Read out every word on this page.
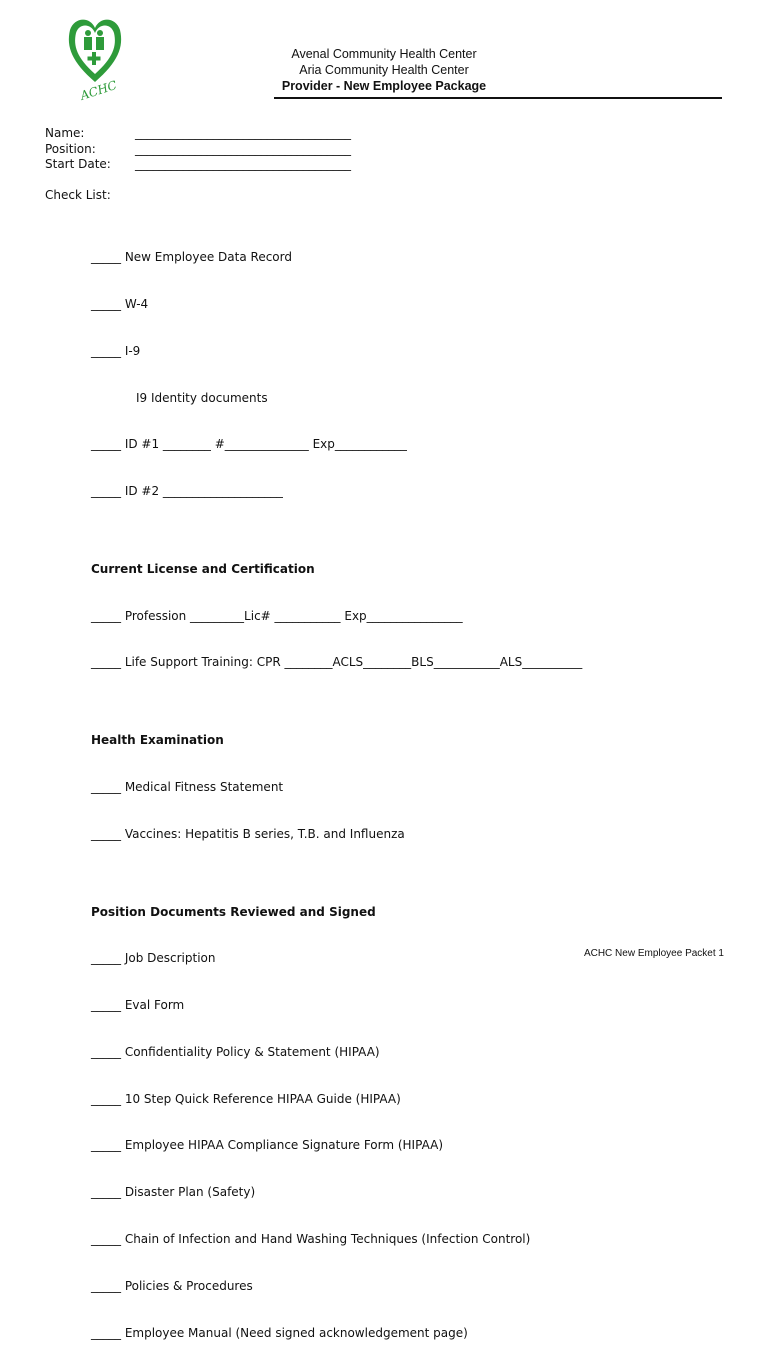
ACHC
Avenal Community Health Center
Aria Community Health Center
Provider - New Employee Package
Name:	____________________________________
Position:	____________________________________
Start Date:	____________________________________
Check List:

_____ New Employee Data Record

_____ W-4

_____ I-9

I9 Identity documents

_____ ID #1 ________ #______________ Exp____________

_____ ID #2 ____________________

Current License and Certification

_____ Profession _________Lic# ___________ Exp________________

_____ Life Support Training: CPR ________ACLS________BLS___________ALS__________

Health Examination

_____ Medical Fitness Statement

_____ Vaccines: Hepatitis B series, T.B. and Influenza

Position Documents Reviewed and Signed

_____ Job Description

_____ Eval Form

_____ Confidentiality Policy & Statement (HIPAA)

_____ 10 Step Quick Reference HIPAA Guide (HIPAA)

_____ Employee HIPAA Compliance Signature Form (HIPAA)

_____ Disaster Plan (Safety)

_____ Chain of Infection and Hand Washing Techniques (Infection Control)

_____ Policies & Procedures

_____ Employee Manual (Need signed acknowledgement page)

ACHC New Employee Packet 1
